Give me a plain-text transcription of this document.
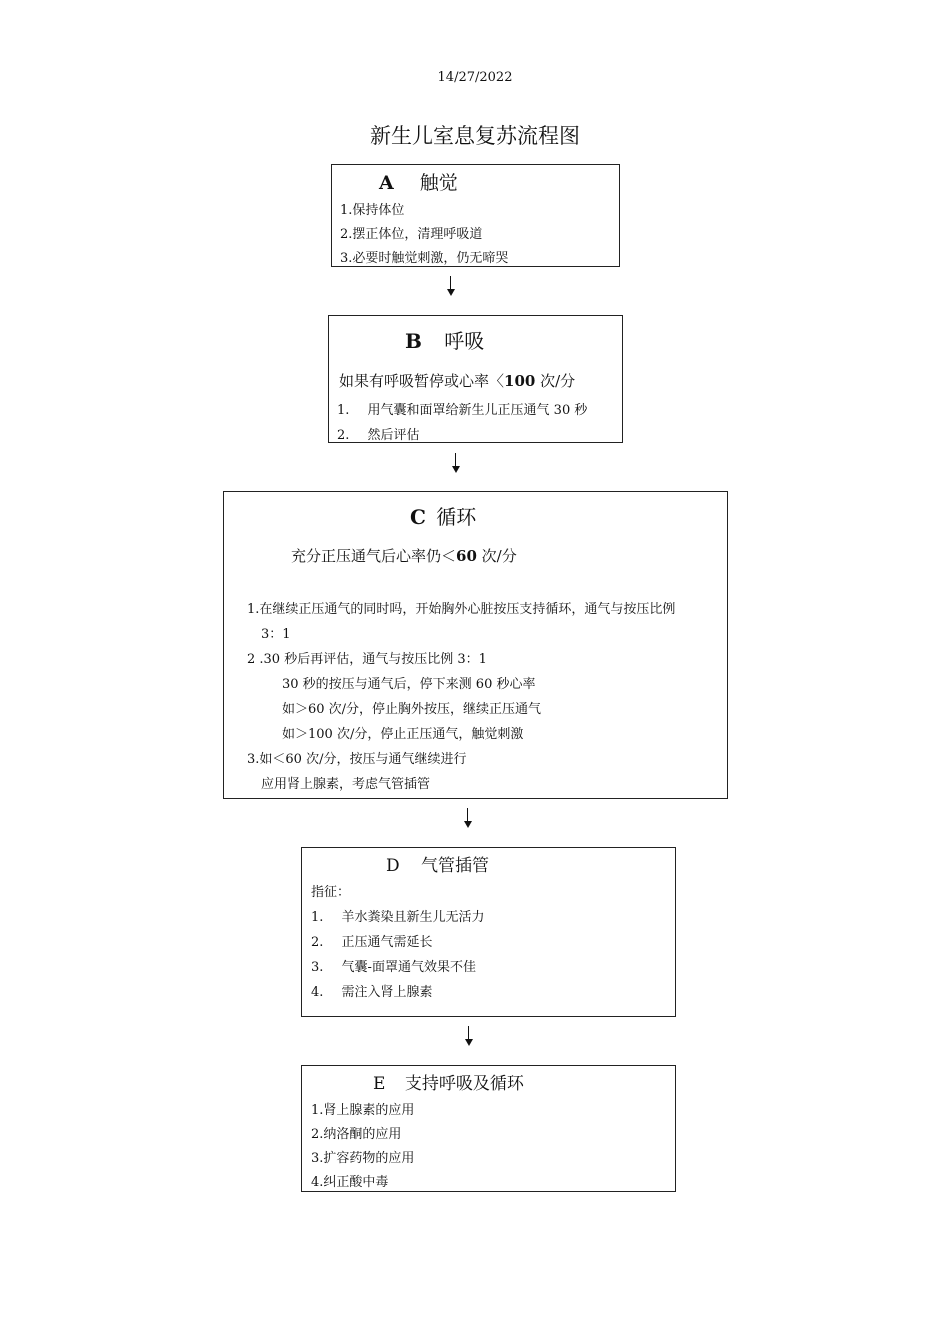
14/27/2022
新生儿室息复苏流程图
A 触觉
1.保持体位
2.摆正体位，清理呼吸道
3.必要时触觉刺激，仍无啼哭
B 呼吸
如果有呼吸暂停或心率〈100 次/分
1. 用气囊和面罩给新生儿正压通气 30 秒
2. 然后评估
C 循环
充分正压通气后心率仍＜60 次/分
1.在继续正压通气的同时吗，开始胸外心脏按压支持循环，通气与按压比例
3：1
2 .30 秒后再评估，通气与按压比例 3：1
30 秒的按压与通气后，停下来测 60 秒心率
如＞60 次/分，停止胸外按压，继续正压通气
如＞100 次/分，停止正压通气，触觉刺激
3.如＜60 次/分，按压与通气继续进行
应用肾上腺素，考虑气管插管
D 气管插管
指征：
1. 羊水粪染且新生儿无活力
2. 正压通气需延长
3. 气囊-面罩通气效果不佳
4. 需注入肾上腺素
E 支持呼吸及循环
1.肾上腺素的应用
2.纳洛酮的应用
3.扩容药物的应用
4.纠正酸中毒
